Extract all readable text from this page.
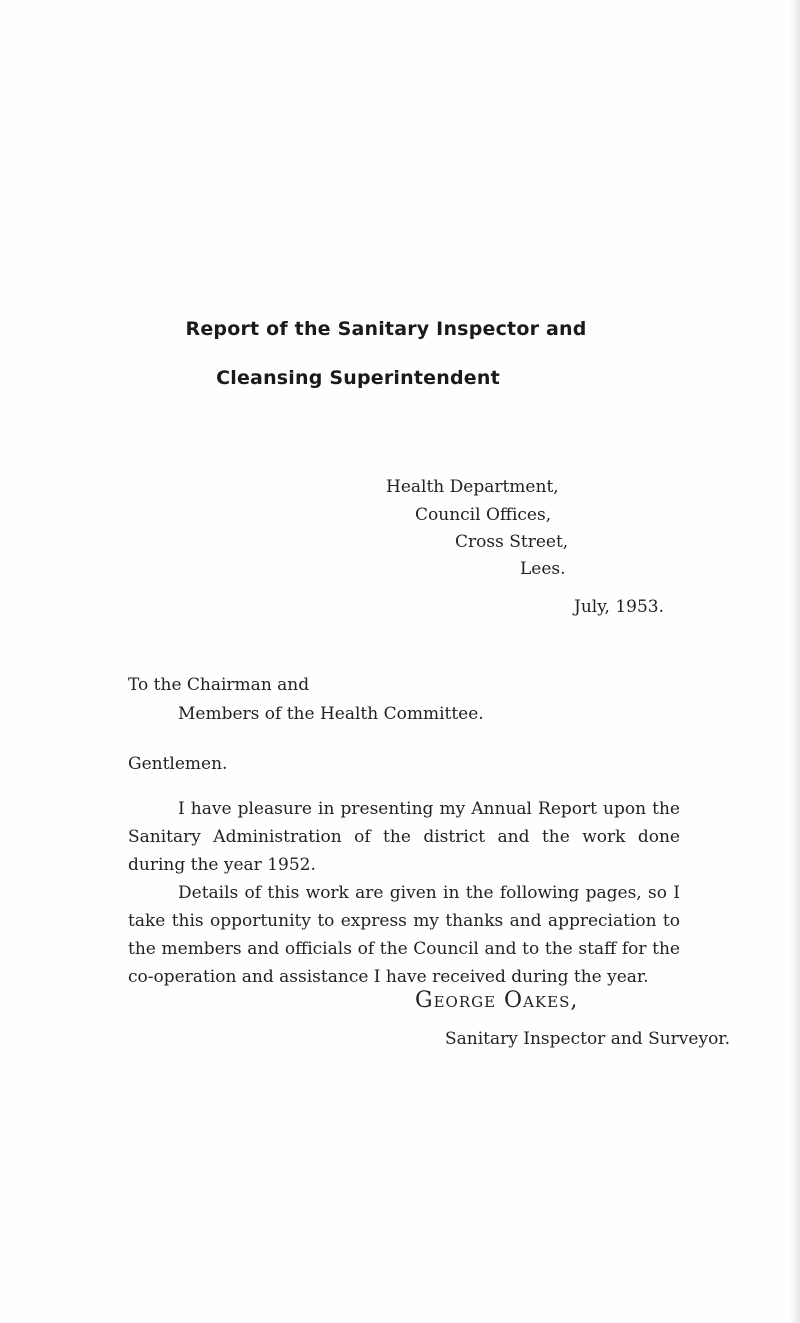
Report of the Sanitary Inspector and
Cleansing Superintendent
Health Department,
Council Offices,
Cross Street,
Lees.
July, 1953.
To the Chairman and
Members of the Health Committee.
Gentlemen.
I have pleasure in presenting my Annual Report upon the Sanitary Administration of the district and the work done during the year 1952.
Details of this work are given in the following pages, so I take this opportunity to express my thanks and appreciation to the members and officials of the Council and to the staff for the co-operation and assistance I have received during the year.
George Oakes,
Sanitary Inspector and Surveyor.
